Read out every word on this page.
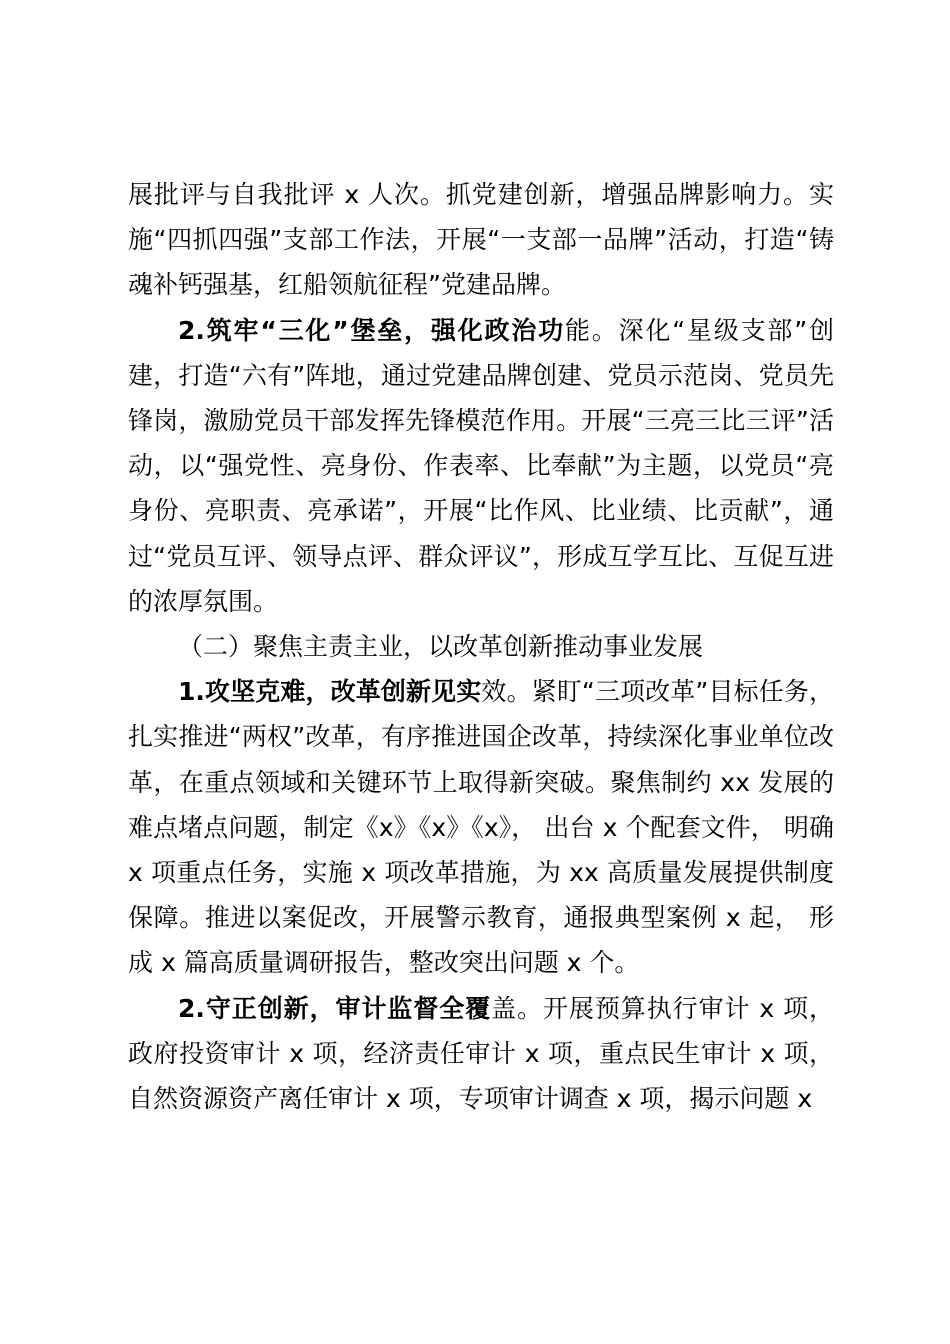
展批评与自我批评 x 人次。抓党建创新，增强品牌影响力。实施“四抓四强”支部工作法，开展“一支部一品牌”活动，打造“铸魂补钙强基，红船领航征程”党建品牌。

2.筑牢“三化”堡垒，强化政治功能。深化“星级支部”创建，打造“六有”阵地，通过党建品牌创建、党员示范岗、党员先锋岗，激励党员干部发挥先锋模范作用。开展“三亮三比三评”活动，以“强党性、亮身份、作表率、比奉献”为主题，以党员“亮身份、亮职责、亮承诺”，开展“比作风、比业绩、比贡献”，通过“党员互评、领导点评、群众评议”，形成互学互比、互促互进的浓厚氛围。

（二）聚焦主责主业，以改革创新推动事业发展

1.攻坚克难，改革创新见实效。紧盯“三项改革”目标任务，扎实推进“两权”改革，有序推进国企改革，持续深化事业单位改革，在重点领域和关键环节上取得新突破。聚焦制约 xx 发展的难点堵点问题，制定《x》《x》《x》， 出台 x 个配套文件， 明确 x 项重点任务，实施 x 项改革措施，为 xx 高质量发展提供制度保障。推进以案促改，开展警示教育，通报典型案例 x 起， 形成 x 篇高质量调研报告，整改突出问题 x 个。

2.守正创新，审计监督全覆盖。开展预算执行审计 x 项，政府投资审计 x 项，经济责任审计 x 项，重点民生审计 x 项，自然资源资产离任审计 x 项，专项审计调查 x 项，揭示问题 x
